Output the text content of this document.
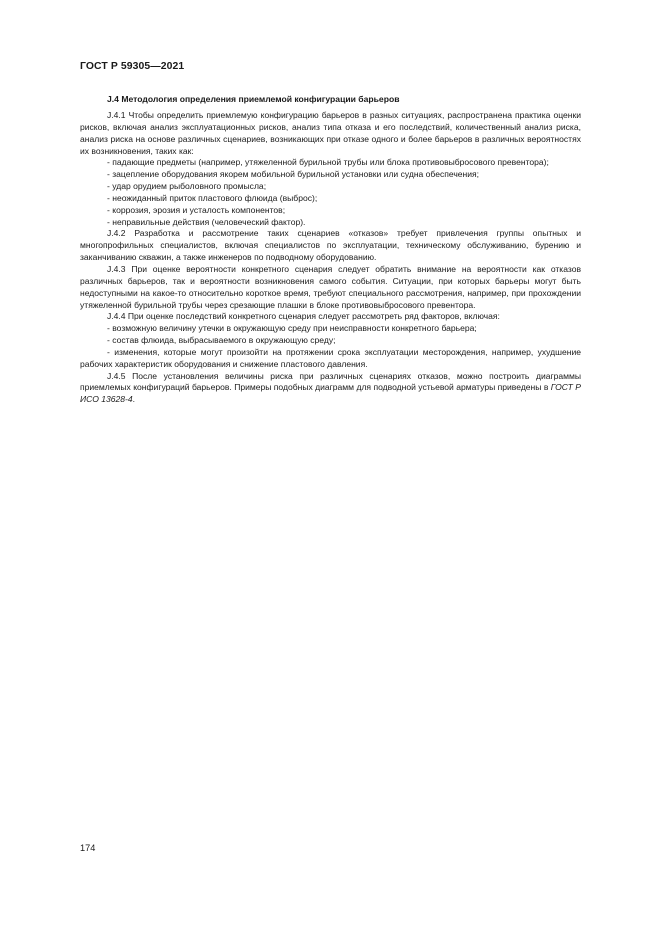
ГОСТ Р 59305—2021
J.4 Методология определения приемлемой конфигурации барьеров

J.4.1 Чтобы определить приемлемую конфигурацию барьеров в разных ситуациях, распространена практика оценки рисков, включая анализ эксплуатационных рисков, анализ типа отказа и его последствий, количественный анализ риска, анализ риска на основе различных сценариев, возникающих при отказе одного и более барьеров в различных вероятностях их возникновения, таких как:

- падающие предметы (например, утяжеленной бурильной трубы или блока противовыбросового превентора);
- зацепление оборудования якорем мобильной бурильной установки или судна обеспечения;
- удар орудием рыболовного промысла;
- неожиданный приток пластового флюида (выброс);
- коррозия, эрозия и усталость компонентов;
- неправильные действия (человеческий фактор).

J.4.2 Разработка и рассмотрение таких сценариев «отказов» требует привлечения группы опытных и многопрофильных специалистов, включая специалистов по эксплуатации, техническому обслуживанию, бурению и заканчиванию скважин, а также инженеров по подводному оборудованию.

J.4.3 При оценке вероятности конкретного сценария следует обратить внимание на вероятности как отказов различных барьеров, так и вероятности возникновения самого события. Ситуации, при которых барьеры могут быть недоступными на какое-то относительно короткое время, требуют специального рассмотрения, например, при прохождении утяжеленной бурильной трубы через срезающие плашки в блоке противовыбросового превентора.

J.4.4 При оценке последствий конкретного сценария следует рассмотреть ряд факторов, включая:

- возможную величину утечки в окружающую среду при неисправности конкретного барьера;
- состав флюида, выбрасываемого в окружающую среду;
- изменения, которые могут произойти на протяжении срока эксплуатации месторождения, например, ухудшение рабочих характеристик оборудования и снижение пластового давления.

J.4.5 После установления величины риска при различных сценариях отказов, можно построить диаграммы приемлемых конфигураций барьеров. Примеры подобных диаграмм для подводной устьевой арматуры приведены в ГОСТ Р ИСО 13628-4.

174
